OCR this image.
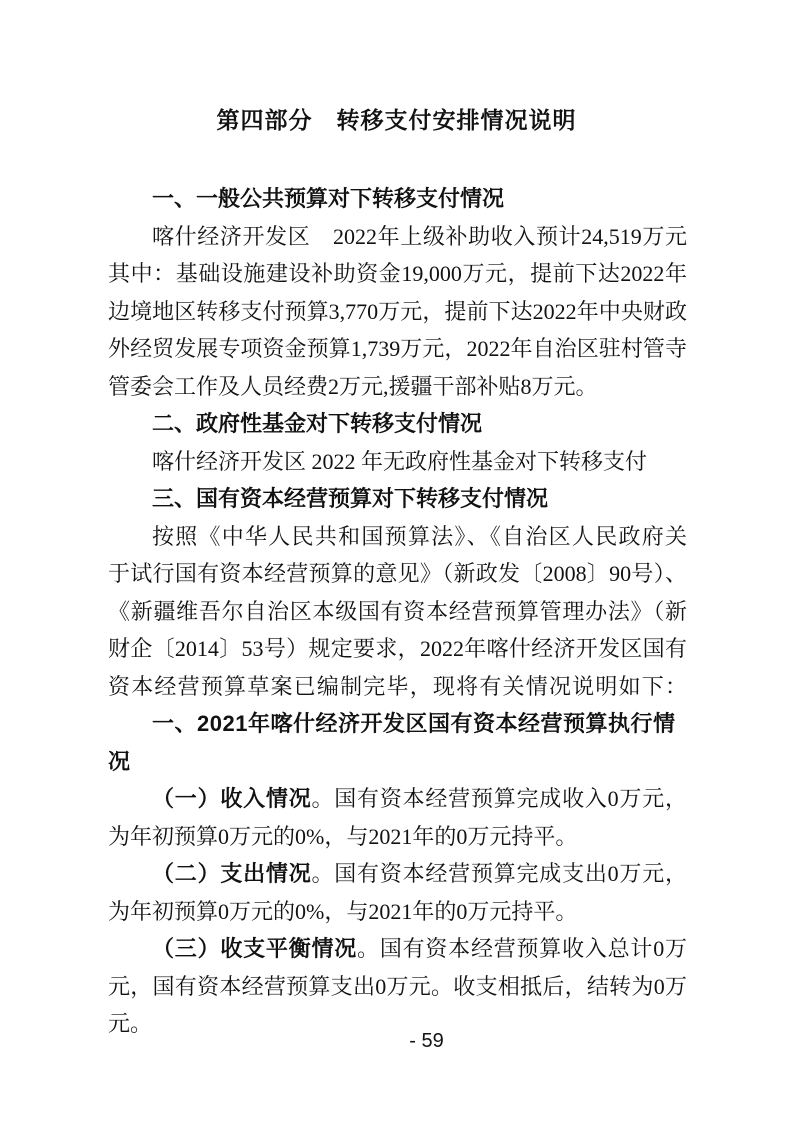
第四部分　转移支付安排情况说明
一、一般公共预算对下转移支付情况
喀什经济开发区　2022年上级补助收入预计24,519万元
其中：基础设施建设补助资金19,000万元，提前下达2022年
边境地区转移支付预算3,770万元，提前下达2022年中央财政
外经贸发展专项资金预算1,739万元，2022年自治区驻村管寺
管委会工作及人员经费2万元,援疆干部补贴8万元。
二、政府性基金对下转移支付情况
喀什经济开发区 2022 年无政府性基金对下转移支付
三、国有资本经营预算对下转移支付情况
按照《中华人民共和国预算法》、《自治区人民政府关
于试行国有资本经营预算的意见》（新政发〔2008〕90号）、
《新疆维吾尔自治区本级国有资本经营预算管理办法》（新
财企〔2014〕53号）规定要求，2022年喀什经济开发区国有
资本经营预算草案已编制完毕，现将有关情况说明如下：
一、2021年喀什经济开发区国有资本经营预算执行情况
（一）收入情况。国有资本经营预算完成收入0万元，
为年初预算0万元的0%，与2021年的0万元持平。
（二）支出情况。国有资本经营预算完成支出0万元，
为年初预算0万元的0%，与2021年的0万元持平。
（三）收支平衡情况。国有资本经营预算收入总计0万
元，国有资本经营预算支出0万元。收支相抵后，结转为0万
元。
- 59
